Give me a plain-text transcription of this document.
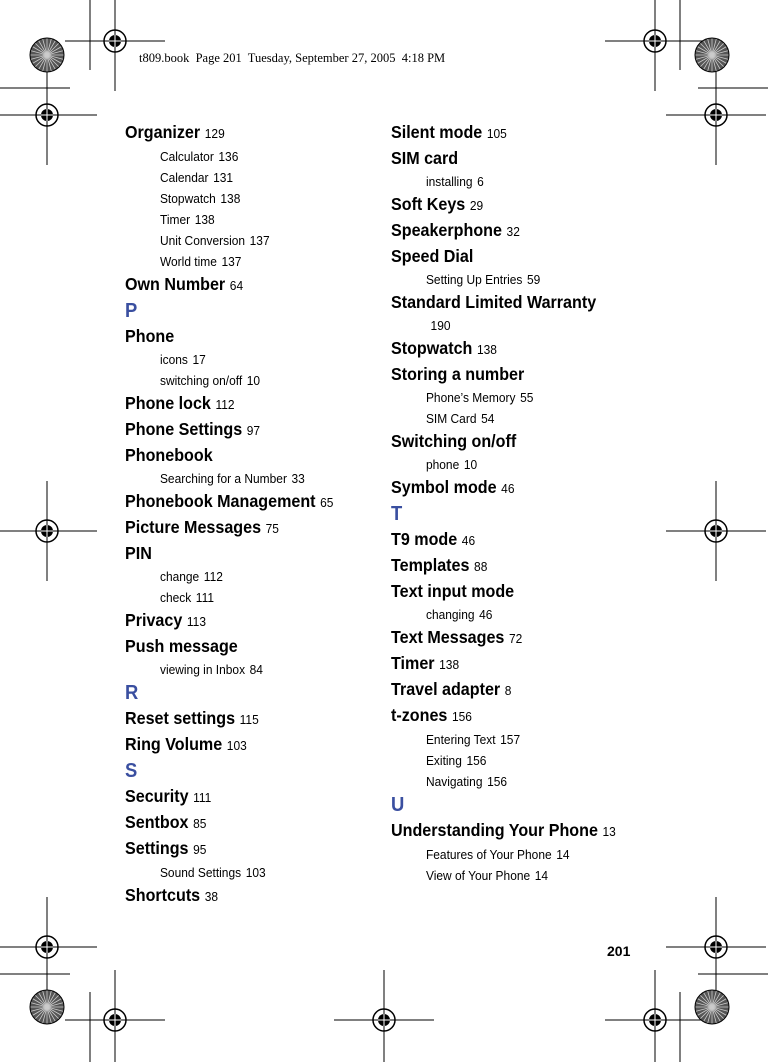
t809.book  Page 201  Tuesday, September 27, 2005  4:18 PM
Organizer 129
Calculator 136
Calendar 131
Stopwatch 138
Timer 138
Unit Conversion 137
World time 137
Own Number 64
P
Phone
icons 17
switching on/off 10
Phone lock 112
Phone Settings 97
Phonebook
Searching for a Number 33
Phonebook Management 65
Picture Messages 75
PIN
change 112
check 111
Privacy 113
Push message
viewing in Inbox 84
R
Reset settings 115
Ring Volume 103
S
Security 111
Sentbox 85
Settings 95
Sound Settings 103
Shortcuts 38
Silent mode 105
SIM card
installing 6
Soft Keys 29
Speakerphone 32
Speed Dial
Setting Up Entries 59
Standard Limited Warranty
190
Stopwatch 138
Storing a number
Phone’s Memory 55
SIM Card 54
Switching on/off
phone 10
Symbol mode 46
T
T9 mode 46
Templates 88
Text input mode
changing 46
Text Messages 72
Timer 138
Travel adapter 8
t-zones 156
Entering Text 157
Exiting 156
Navigating 156
U
Understanding Your Phone 13
Features of Your Phone 14
View of Your Phone 14
201
